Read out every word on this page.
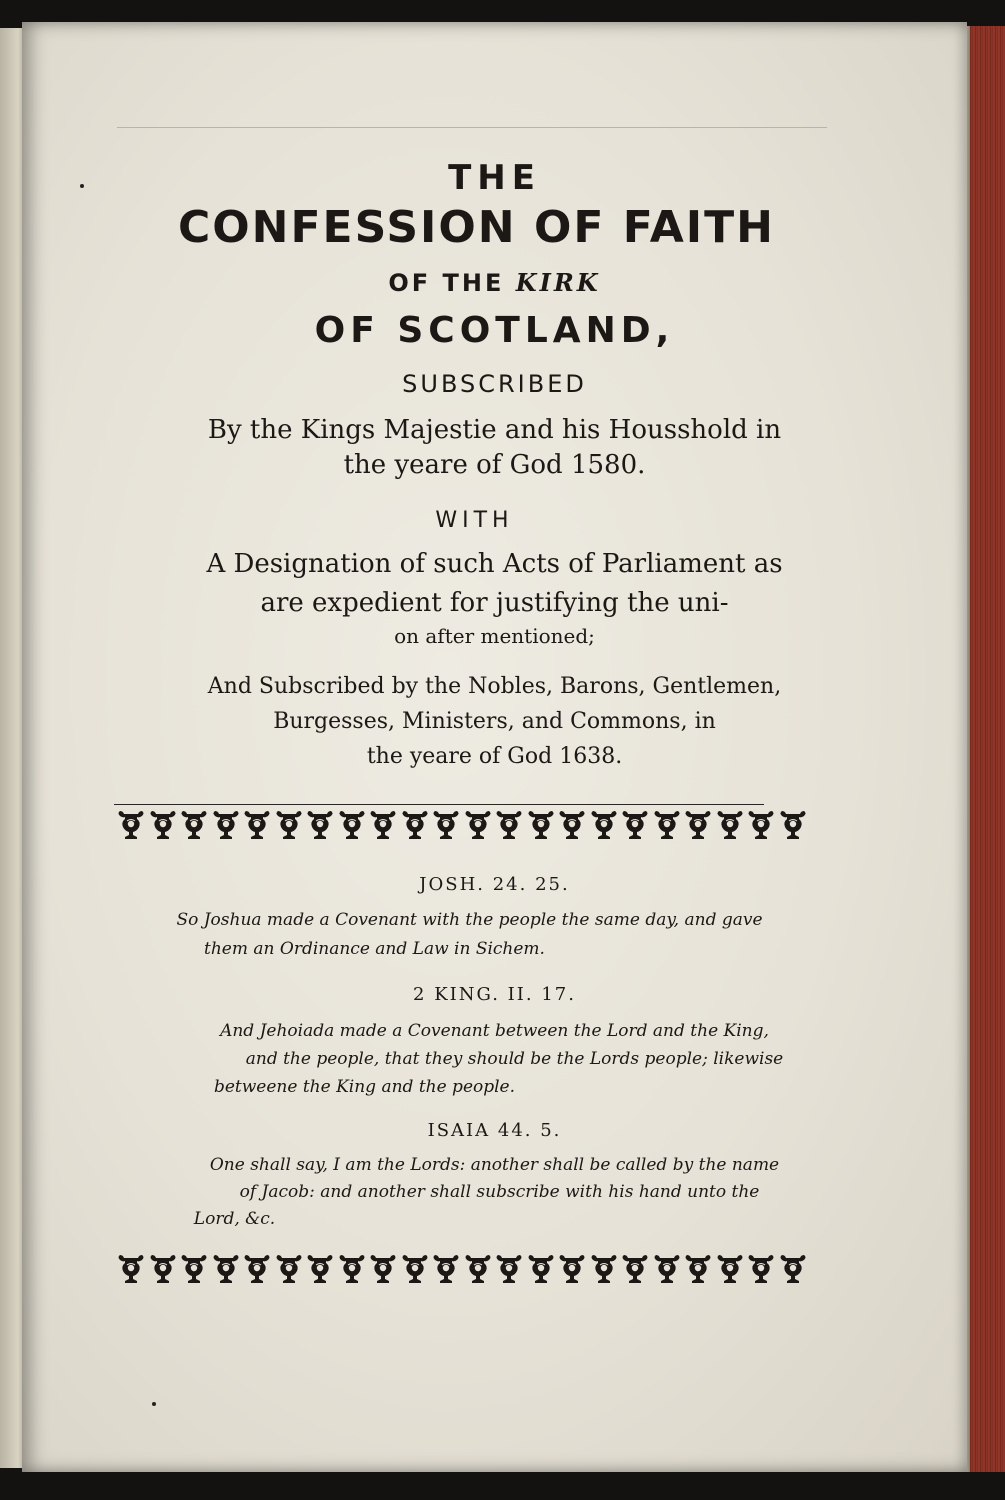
THE
CONFESSION OF FAITH
OF THE KIRK
OF SCOTLAND,
SUBSCRIBED
By the Kings Majestie and his Housshold in
the yeare of God 1580.
WITH
A Designation of such Acts of Parliament as
are expedient for justifying the uni-
on after mentioned;
And Subscribed by the Nobles, Barons, Gentlemen,
Burgesses, Ministers, and Commons, in
the yeare of God 1638.
JOSH. 24. 25.
So Joshua made a Covenant with the people the same day, and gave
them an Ordinance and Law in Sichem.
2 KING. II. 17.
And Jehoiada made a Covenant between the Lord and the King,
and the people, that they should be the Lords people; likewise
betweene the King and the people.
ISAIA 44. 5.
One shall say, I am the Lords: another shall be called by the name
of Jacob: and another shall subscribe with his hand unto the
Lord, &c.
